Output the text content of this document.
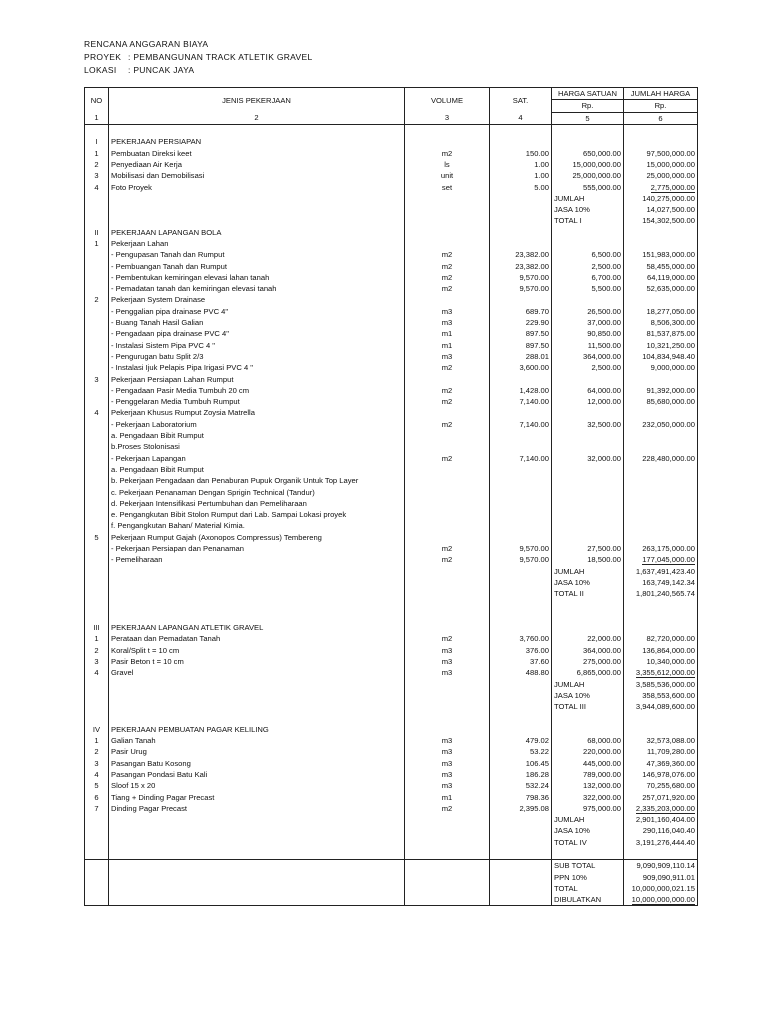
RENCANA ANGGARAN BIAYA
PROYEK : PEMBANGUNAN TRACK ATLETIK GRAVEL
LOKASI : PUNCAK JAYA
NO	JENIS PEKERJAAN	VOLUME	SAT.	HARGA SATUAN	JUMLAH HARGA
				Rp.	Rp.
1	2	3	4	5	6

I	PEKERJAAN PERSIAPAN				
1	Pembuatan Direksi keet	m2	150.00	650,000.00	97,500,000.00
2	Penyediaan Air Kerja	ls	1.00	15,000,000.00	15,000,000.00
3	Mobilisasi dan Demobilisasi	unit	1.00	25,000,000.00	25,000,000.00
4	Foto Proyek	set	5.00	555,000.00	2,775,000.00
				JUMLAH	140,275,000.00
				JASA 10%	14,027,500.00
				TOTAL I	154,302,500.00
II	PEKERJAAN LAPANGAN BOLA				
1	Pekerjaan Lahan				
	- Pengupasan Tanah dan Rumput	m2	23,382.00	6,500.00	151,983,000.00
	- Pembuangan Tanah dan Rumput	m2	23,382.00	2,500.00	58,455,000.00
	- Pembentukan kemiringan elevasi lahan tanah	m2	9,570.00	6,700.00	64,119,000.00
	- Pemadatan tanah dan kemiringan elevasi tanah	m2	9,570.00	5,500.00	52,635,000.00
2	Pekerjaan System Drainase				
	- Penggalian pipa drainase PVC 4"	m3	689.70	26,500.00	18,277,050.00
	- Buang Tanah Hasil Galian	m3	229.90	37,000.00	8,506,300.00
	- Pengadaan pipa drainase PVC 4"	m1	897.50	90,850.00	81,537,875.00
	- Instalasi Sistem Pipa PVC 4 "	m1	897.50	11,500.00	10,321,250.00
	- Pengurugan batu Split 2/3	m3	288.01	364,000.00	104,834,948.40
	- Instalasi Ijuk Pelapis Pipa Irigasi PVC 4 "	m2	3,600.00	2,500.00	9,000,000.00
3	Pekerjaan Persiapan Lahan Rumput				
	- Pengadaan Pasir Media Tumbuh 20 cm	m2	1,428.00	64,000.00	91,392,000.00
	- Penggelaran Media Tumbuh Rumput	m2	7,140.00	12,000.00	85,680,000.00
4	Pekerjaan Khusus Rumput Zoysia Matrella				
	- Pekerjaan Laboratorium	m2	7,140.00	32,500.00	232,050,000.00
	a. Pengadaan Bibit Rumput				
	b.Proses Stolonisasi				
	- Pekerjaan Lapangan	m2	7,140.00	32,000.00	228,480,000.00
	a. Pengadaan Bibit Rumput				
	b. Pekerjaan Pengadaan dan Penaburan Pupuk Organik Untuk Top Layer				
	c. Pekerjaan Penanaman Dengan Sprigin Technical (Tandur)				
	d. Pekerjaan Intensifikasi Pertumbuhan dan Pemeliharaan				
	e. Pengangkutan Bibit Stolon Rumput dari Lab. Sampai Lokasi proyek				
	f. Pengangkutan Bahan/ Material Kimia.				
5	Pekerjaan Rumput Gajah (Axonopos Compressus) Tembereng				
	- Pekerjaan Persiapan dan Penanaman	m2	9,570.00	27,500.00	263,175,000.00
	- Pemeliharaan	m2	9,570.00	18,500.00	177,045,000.00
				JUMLAH	1,637,491,423.40
				JASA 10%	163,749,142.34
				TOTAL II	1,801,240,565.74

III	PEKERJAAN LAPANGAN ATLETIK GRAVEL				
1	Perataan dan Pemadatan Tanah	m2	3,760.00	22,000.00	82,720,000.00
2	Koral/Split t = 10 cm	m3	376.00	364,000.00	136,864,000.00
3	Pasir Beton t = 10 cm	m3	37.60	275,000.00	10,340,000.00
4	Gravel	m3	488.80	6,865,000.00	3,355,612,000.00
				JUMLAH	3,585,536,000.00
				JASA 10%	358,553,600.00
				TOTAL III	3,944,089,600.00

IV	PEKERJAAN PEMBUATAN PAGAR KELILING				
1	Galian Tanah	m3	479.02	68,000.00	32,573,088.00
2	Pasir Urug	m3	53.22	220,000.00	11,709,280.00
3	Pasangan Batu Kosong	m3	106.45	445,000.00	47,369,360.00
4	Pasangan Pondasi Batu Kali	m3	186.28	789,000.00	146,978,076.00
5	Sloof 15 x 20	m3	532.24	132,000.00	70,255,680.00
6	Tiang + Dinding Pagar Precast	m1	798.36	322,000.00	257,071,920.00
7	Dinding Pagar Precast	m2	2,395.08	975,000.00	2,335,203,000.00
				JUMLAH	2,901,160,404.00
				JASA 10%	290,116,040.40
				TOTAL IV	3,191,276,444.40

				SUB TOTAL	9,090,909,110.14
				PPN 10%	909,090,911.01
				TOTAL	10,000,000,021.15
				DIBULATKAN	10,000,000,000.00
